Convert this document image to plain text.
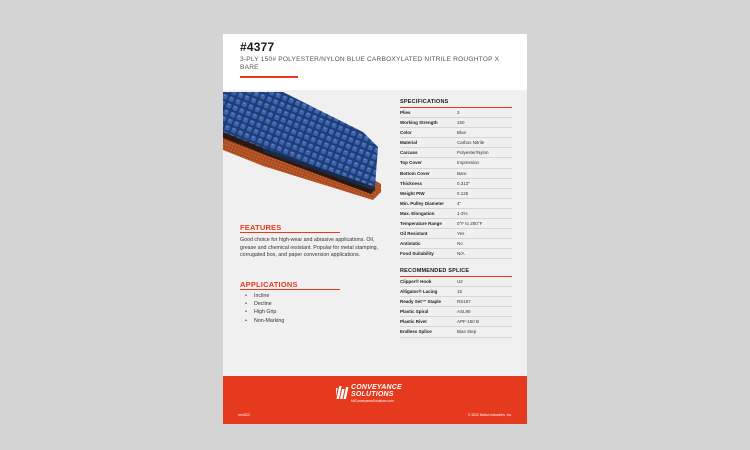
#4377
3-PLY 150# POLYESTER/NYLON BLUE CARBOXYLATED NITRILE ROUGHTOP X BARE
FEATURES
Good choice for high-wear and abrasive applications. Oil, grease and chemical resistant. Popular for metal stamping, corrugated box, and paper conversion applications.
APPLICATIONS
• Incline
• Decline
• High Grip
• Non-Marking
SPECIFICATIONS
Plies	3
Working Strength	150
Color	Blue
Material	Carbox Nitrile
Carcass	Polyester/Nylon
Top Cover	Impression
Bottom Cover	Bare
Thickness	0.313"
Weight PIW	0.125
Min. Pulley Diameter	4"
Max. Elongation	1-2%
Temperature Range	0°F to 250°F
Oil Resistant	Yes
Antistatic	No
Food Suitability	N/A
RECOMMENDED SPLICE
Clipper® Hook	U2
Alligator® Lacing	15
Ready Set™ Staple	RS187
Plastic Spiral	ASL90
Plastic Rivet	APF-150 B
Endless Splice	Bias Step
CONVEYANCE
SOLUTIONS
MIConveyanceSolutions.com
rev0322	© 2022 Motion Industries, Inc.
